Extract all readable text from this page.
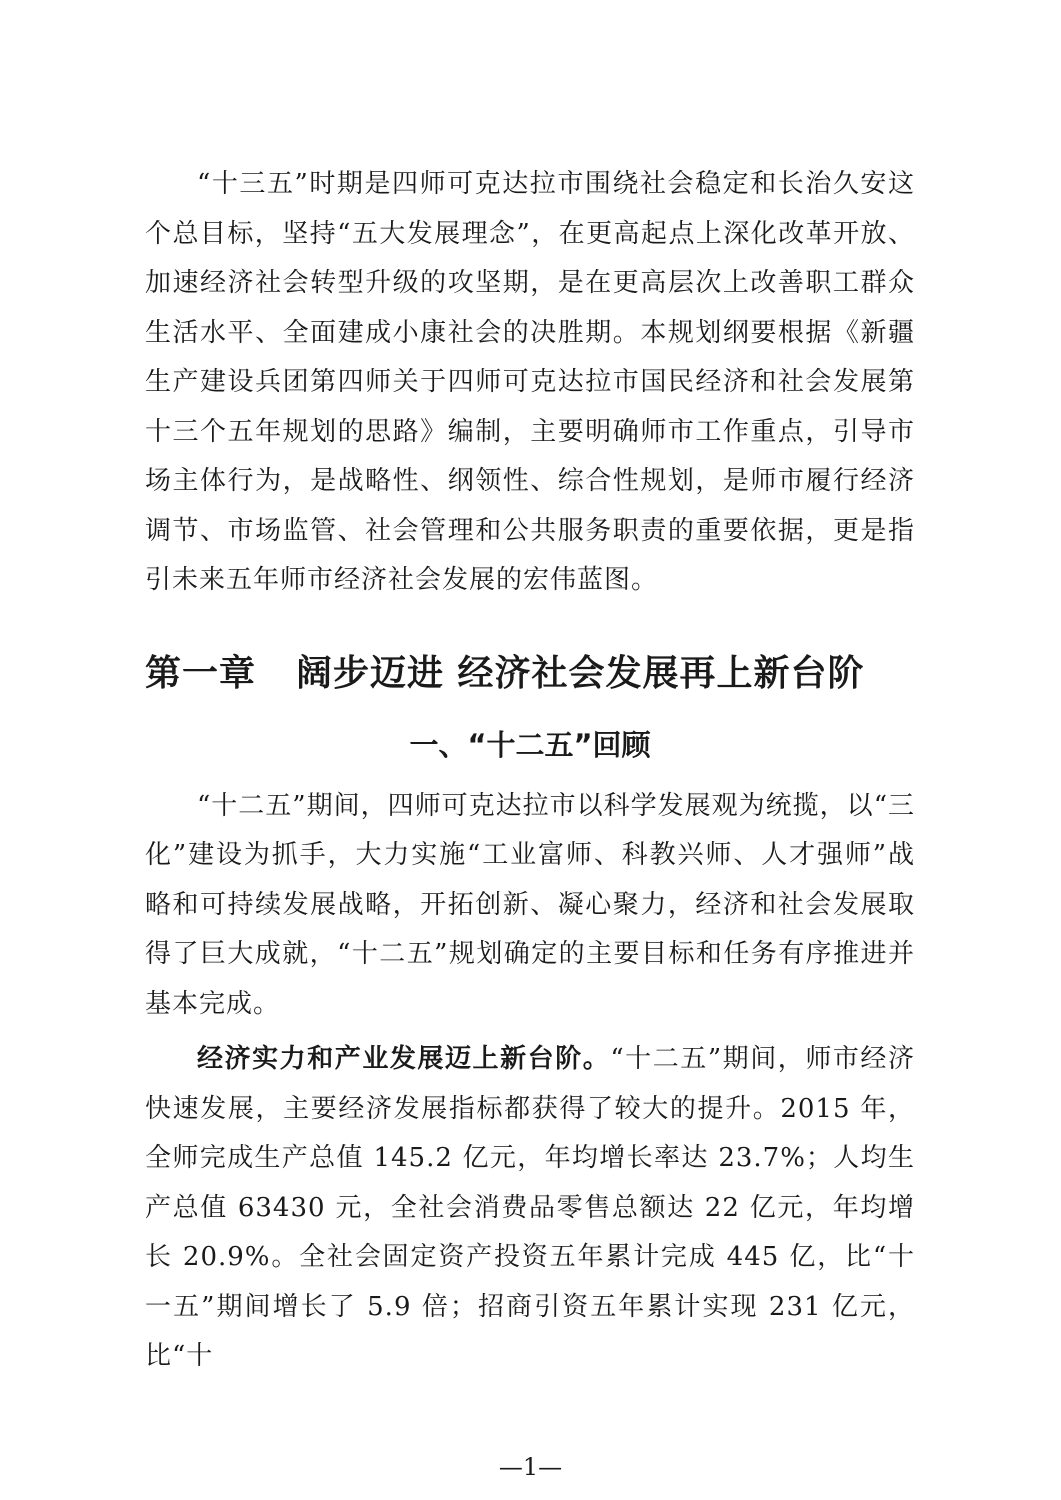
“十三五”时期是四师可克达拉市围绕社会稳定和长治久安这个总目标，坚持“五大发展理念”，在更高起点上深化改革开放、加速经济社会转型升级的攻坚期，是在更高层次上改善职工群众生活水平、全面建成小康社会的决胜期。本规划纲要根据《新疆生产建设兵团第四师关于四师可克达拉市国民经济和社会发展第十三个五年规划的思路》编制，主要明确师市工作重点，引导市场主体行为，是战略性、纲领性、综合性规划，是师市履行经济调节、市场监管、社会管理和公共服务职责的重要依据，更是指引未来五年师市经济社会发展的宏伟蓝图。

第一章 阔步迈进 经济社会发展再上新台阶
一、“十二五”回顾

“十二五”期间，四师可克达拉市以科学发展观为统揽，以“三化”建设为抓手，大力实施“工业富师、科教兴师、人才强师”战略和可持续发展战略，开拓创新、凝心聚力，经济和社会发展取得了巨大成就，“十二五”规划确定的主要目标和任务有序推进并基本完成。

经济实力和产业发展迈上新台阶。“十二五”期间，师市经济快速发展，主要经济发展指标都获得了较大的提升。2015 年，全师完成生产总值 145.2 亿元，年均增长率达 23.7%；人均生产总值 63430 元，全社会消费品零售总额达 22 亿元，年均增长 20.9%。全社会固定资产投资五年累计完成 445 亿，比“十一五”期间增长了 5.9 倍；招商引资五年累计实现 231 亿元，比“十

—1—
